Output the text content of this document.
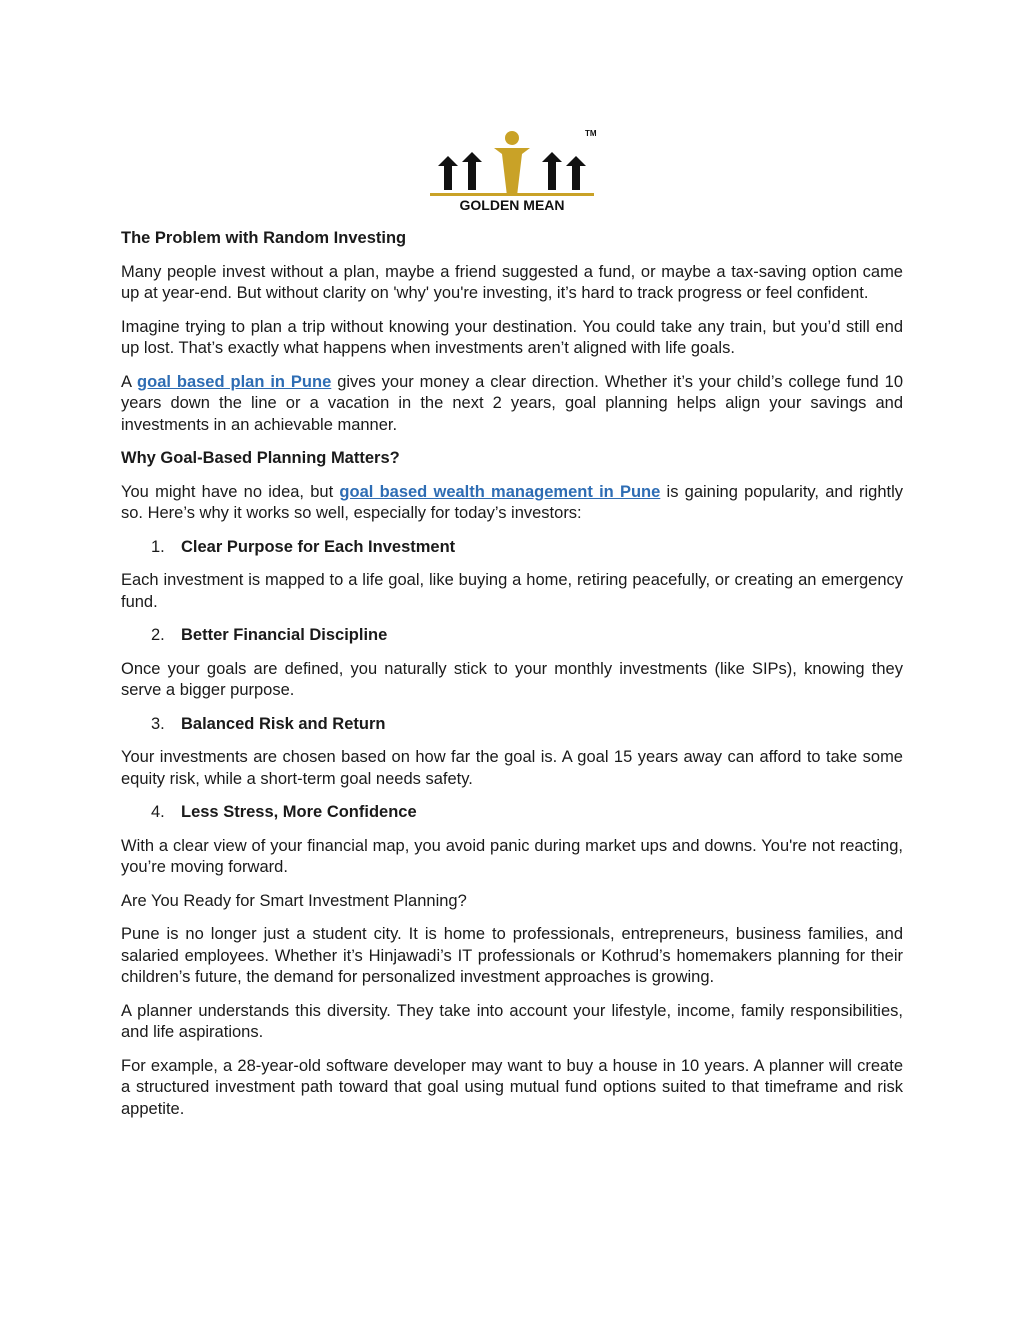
TM
GOLDEN MEAN

The Problem with Random Investing

Many people invest without a plan, maybe a friend suggested a fund, or maybe a tax-saving option came up at year-end. But without clarity on 'why' you're investing, it’s hard to track progress or feel confident.

Imagine trying to plan a trip without knowing your destination. You could take any train, but you’d still end up lost. That’s exactly what happens when investments aren’t aligned with life goals.

A goal based plan in Pune gives your money a clear direction. Whether it’s your child’s college fund 10 years down the line or a vacation in the next 2 years, goal planning helps align your savings and investments in an achievable manner.

Why Goal-Based Planning Matters?

You might have no idea, but goal based wealth management in Pune is gaining popularity, and rightly so. Here’s why it works so well, especially for today’s investors:

1. Clear Purpose for Each Investment

Each investment is mapped to a life goal, like buying a home, retiring peacefully, or creating an emergency fund.

2. Better Financial Discipline

Once your goals are defined, you naturally stick to your monthly investments (like SIPs), knowing they serve a bigger purpose.

3. Balanced Risk and Return

Your investments are chosen based on how far the goal is. A goal 15 years away can afford to take some equity risk, while a short-term goal needs safety.

4. Less Stress, More Confidence

With a clear view of your financial map, you avoid panic during market ups and downs. You're not reacting, you’re moving forward.

Are You Ready for Smart Investment Planning?

Pune is no longer just a student city. It is home to professionals, entrepreneurs, business families, and salaried employees. Whether it’s Hinjawadi’s IT professionals or Kothrud’s homemakers planning for their children’s future, the demand for personalized investment approaches is growing.

A planner understands this diversity. They take into account your lifestyle, income, family responsibilities, and life aspirations.

For example, a 28-year-old software developer may want to buy a house in 10 years. A planner will create a structured investment path toward that goal using mutual fund options suited to that timeframe and risk appetite.
